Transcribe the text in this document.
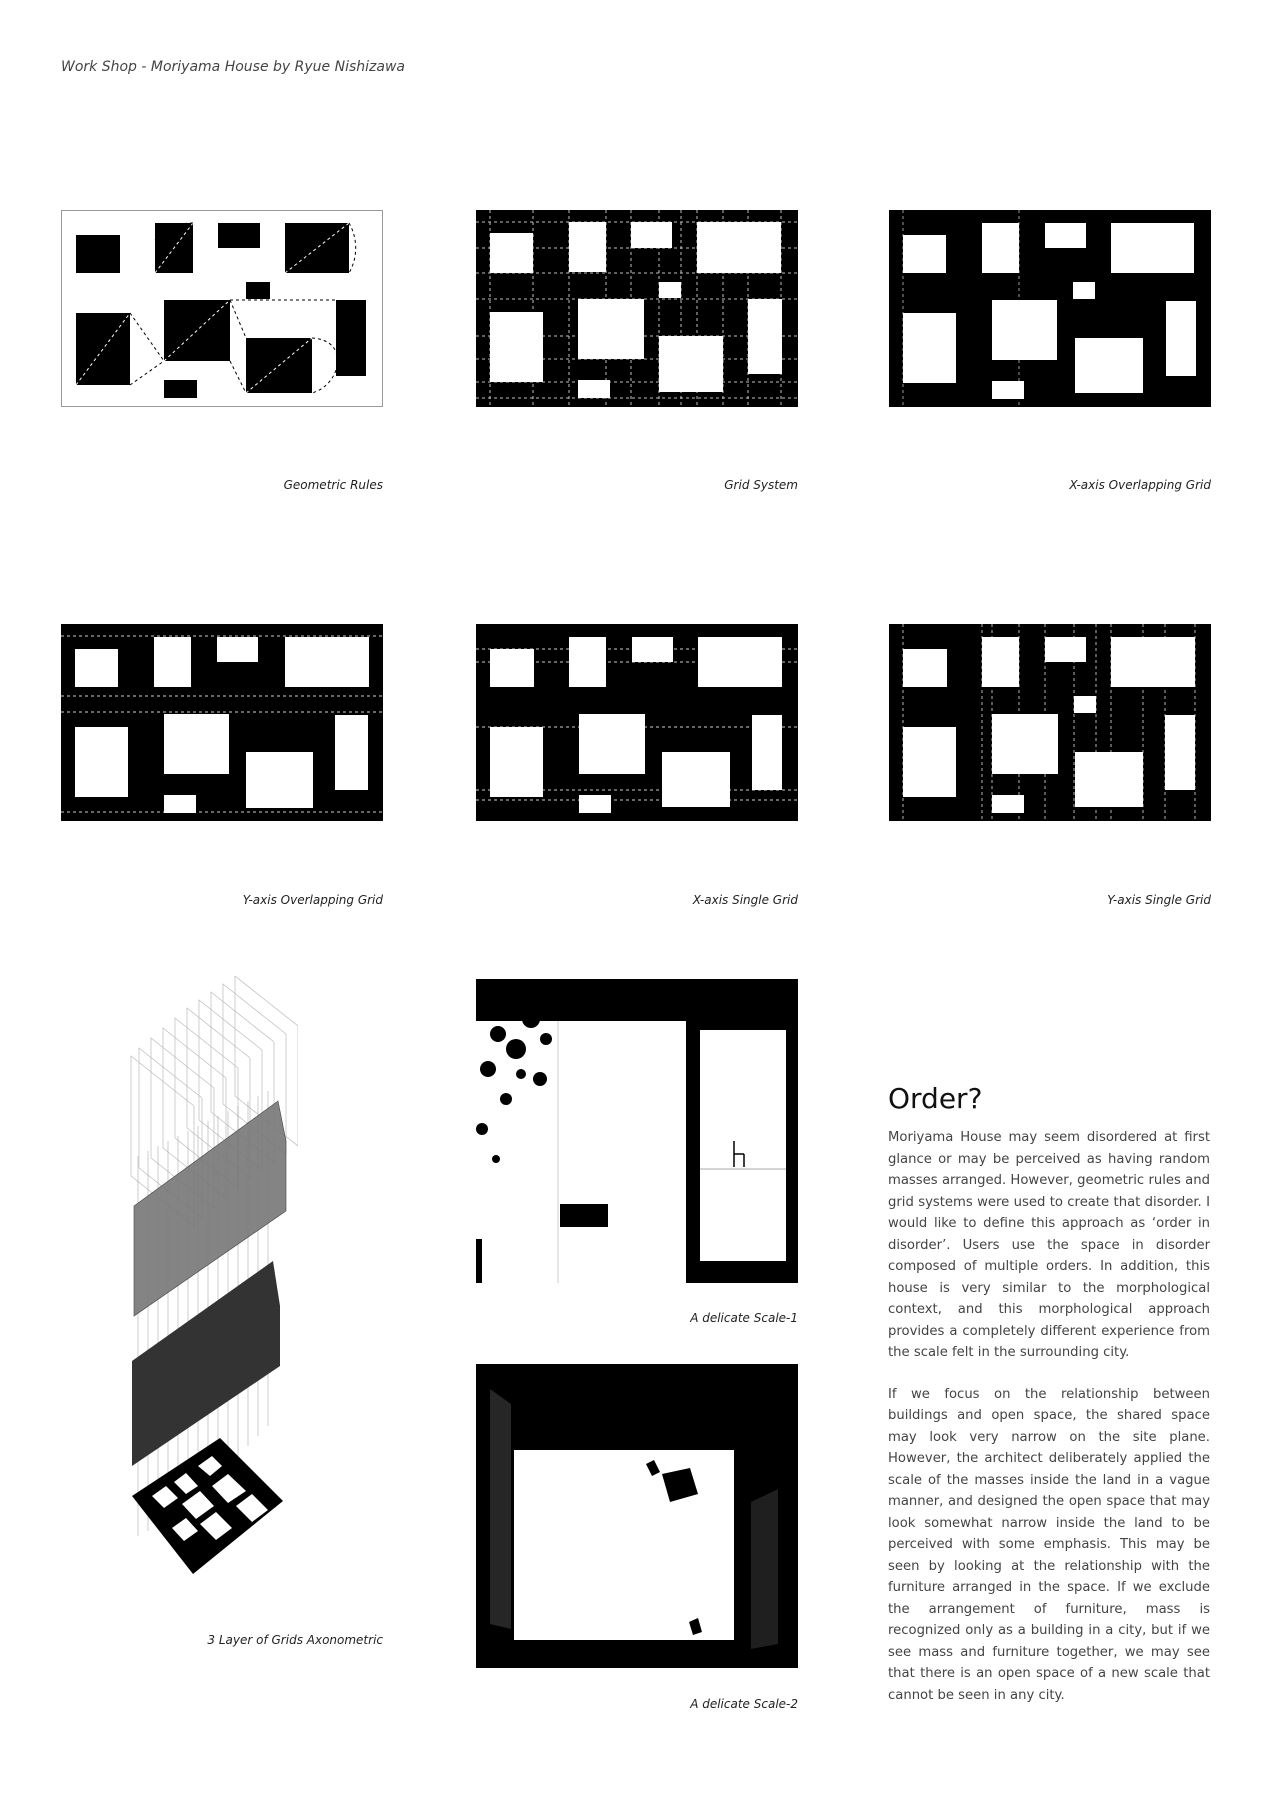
Work Shop - Moriyama House by Ryue Nishizawa
Geometric Rules	Grid System	X-axis Overlapping Grid
Y-axis Overlapping Grid	X-axis Single Grid	Y-axis Single Grid
3 Layer of Grids Axonometric
A delicate Scale-1
A delicate Scale-2
Order?

Moriyama House may seem disordered at first glance or may be perceived as having random masses arranged. However, geometric rules and grid systems were used to create that disorder. I would like to define this approach as ‘order in disorder’. Users use the space in disorder composed of multiple orders. In addition, this house is very similar to the morphological context, and this morphological approach provides a completely different experience from the scale felt in the surrounding city.

If we focus on the relationship between buildings and open space, the shared space may look very narrow on the site plane. However, the architect deliberately applied the scale of the masses inside the land in a vague manner, and designed the open space that may look somewhat narrow inside the land to be perceived with some emphasis. This may be seen by looking at the relationship with the furniture arranged in the space. If we exclude the arrangement of furniture, mass is recognized only as a building in a city, but if we see mass and furniture together, we may see that there is an open space of a new scale that cannot be seen in any city.
